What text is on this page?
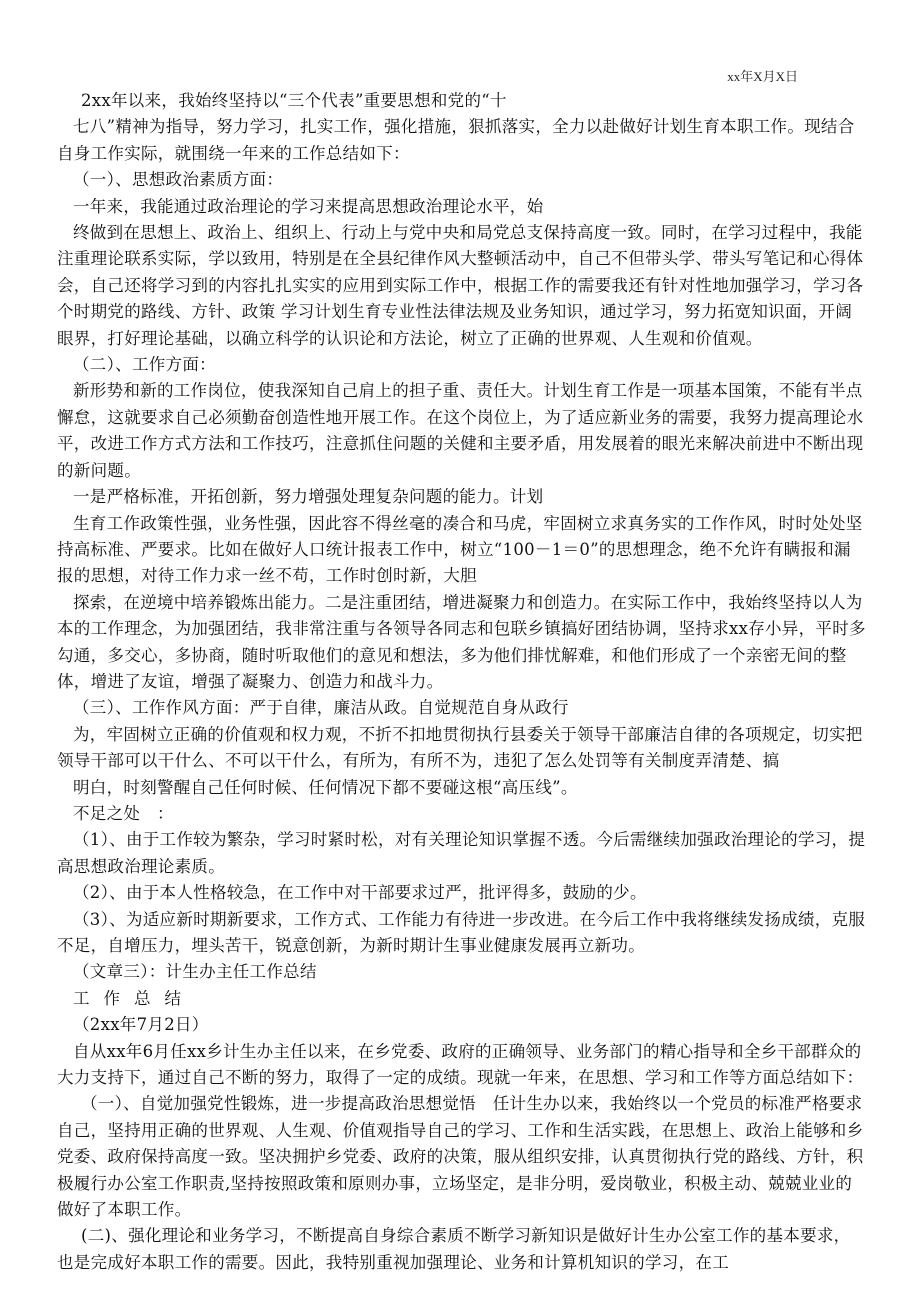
xx年X月X日

2xx年以来，我始终坚持以“三个代表”重要思想和党的“十

七八”精神为指导，努力学习，扎实工作，强化措施，狠抓落实，全力以赴做好计划生育本职工作。现结合自身工作实际，就围绕一年来的工作总结如下：

（一）、思想政治素质方面：

一年来，我能通过政治理论的学习来提高思想政治理论水平，始

终做到在思想上、政治上、组织上、行动上与党中央和局党总支保持高度一致。同时，在学习过程中，我能注重理论联系实际，学以致用，特别是在全县纪律作风大整顿活动中，自己不但带头学、带头写笔记和心得体会，自己还将学习到的内容扎扎实实的应用到实际工作中，根据工作的需要我还有针对性地加强学习，学习各个时期党的路线、方针、政策 学习计划生育专业性法律法规及业务知识，通过学习，努力拓宽知识面，开阔眼界，打好理论基础，以确立科学的认识论和方法论，树立了正确的世界观、人生观和价值观。

（二）、工作方面：

新形势和新的工作岗位，使我深知自己肩上的担子重、责任大。计划生育工作是一项基本国策，不能有半点懈怠，这就要求自己必须勤奋创造性地开展工作。在这个岗位上，为了适应新业务的需要，我努力提高理论水平，改进工作方式方法和工作技巧，注意抓住问题的关健和主要矛盾，用发展着的眼光来解决前进中不断出现的新问题。

一是严格标准，开拓创新，努力增强处理复杂问题的能力。计划

生育工作政策性强，业务性强，因此容不得丝毫的凑合和马虎，牢固树立求真务实的工作作风，时时处处坚持高标准、严要求。比如在做好人口统计报表工作中，树立“100－1＝0”的思想理念，绝不允许有瞒报和漏报的思想，对待工作力求一丝不苟，工作时创时新，大胆

探索，在逆境中培养锻炼出能力。二是注重团结，增进凝聚力和创造力。在实际工作中，我始终坚持以人为本的工作理念，为加强团结，我非常注重与各领导各同志和包联乡镇搞好团结协调，坚持求xx存小异，平时多勾通，多交心，多协商，随时听取他们的意见和想法，多为他们排忧解难，和他们形成了一个亲密无间的整体，增进了友谊，增强了凝聚力、创造力和战斗力。

（三）、工作作风方面：严于自律，廉洁从政。自觉规范自身从政行

为，牢固树立正确的价值观和权力观，不折不扣地贯彻执行县委关于领导干部廉洁自律的各项规定，切实把领导干部可以干什么、不可以干什么，有所为，有所不为，违犯了怎么处罚等有关制度弄清楚、搞

明白，时刻警醒自己任何时候、任何情况下都不要碰这根“高压线”。

不足之处　：

（1）、由于工作较为繁杂，学习时紧时松，对有关理论知识掌握不透。今后需继续加强政治理论的学习，提高思想政治理论素质。

（2）、由于本人性格较急，在工作中对干部要求过严，批评得多，鼓励的少。

（3）、为适应新时期新要求，工作方式、工作能力有待进一步改进。在今后工作中我将继续发扬成绩，克服不足，自增压力，埋头苦干，锐意创新，为新时期计生事业健康发展再立新功。

（文章三）：计生办主任工作总结

工作总结

（2xx年7月2日）

自从xx年6月任xx乡计生办主任以来，在乡党委、政府的正确领导、业务部门的精心指导和全乡干部群众的大力支持下，通过自己不断的努力，取得了一定的成绩。现就一年来，在思想、学习和工作等方面总结如下：

（一）、自觉加强党性锻炼，进一步提高政治思想觉悟　任计生办以来，我始终以一个党员的标准严格要求自己，坚持用正确的世界观、人生观、价值观指导自己的学习、工作和生活实践，在思想上、政治上能够和乡党委、政府保持高度一致。坚决拥护乡党委、政府的决策，服从组织安排，认真贯彻执行党的路线、方针，积极履行办公室工作职责,坚持按照政策和原则办事，立场坚定，是非分明，爱岗敬业，积极主动、兢兢业业的做好了本职工作。

(二)、强化理论和业务学习，不断提高自身综合素质不断学习新知识是做好计生办公室工作的基本要求，也是完成好本职工作的需要。因此，我特别重视加强理论、业务和计算机知识的学习，在工
